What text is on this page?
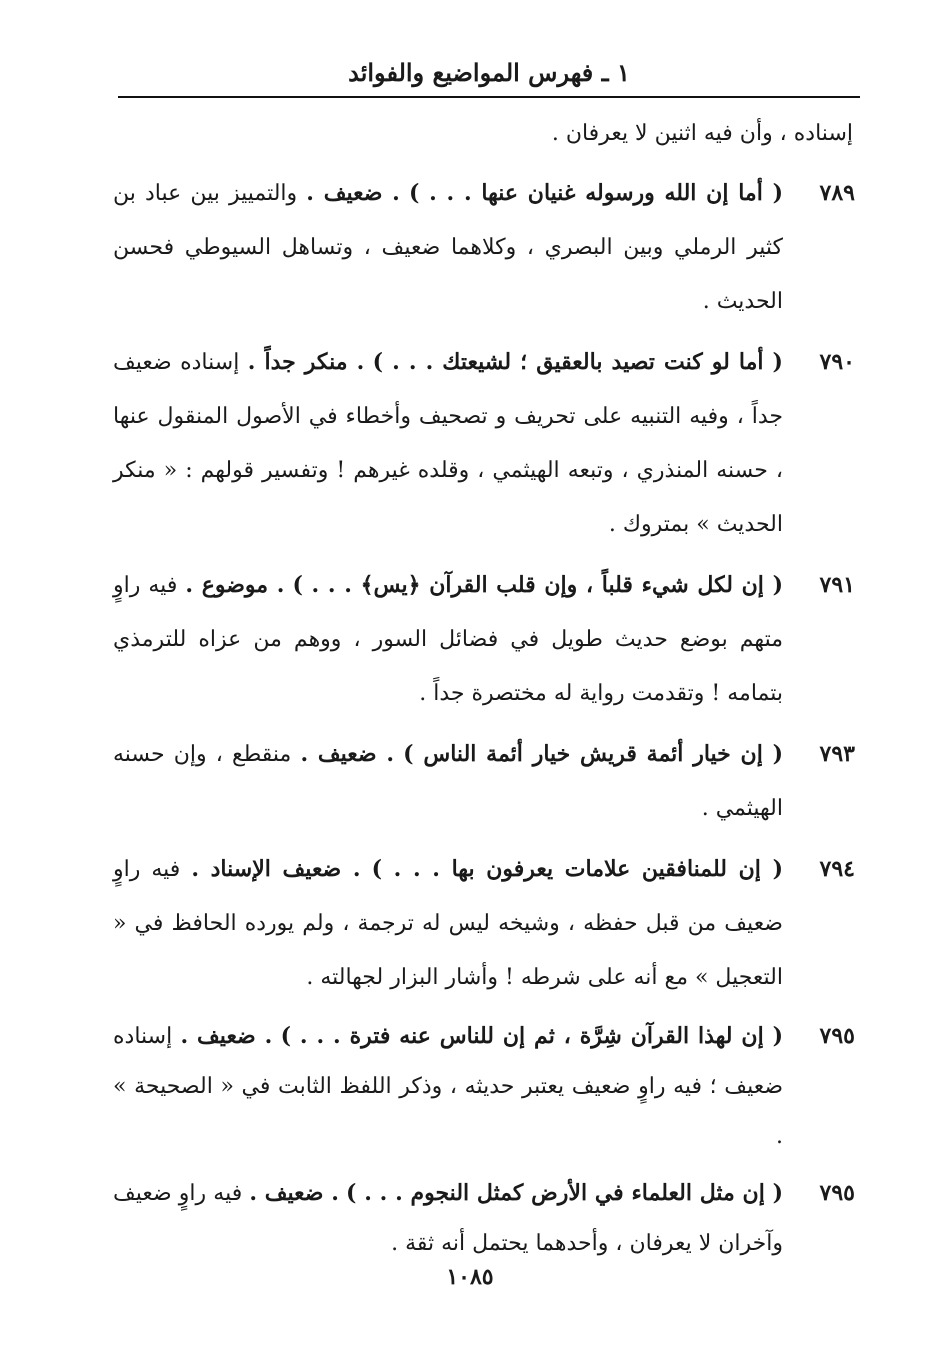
١ ـ فهرس المواضيع والفوائد
إسناده ، وأن فيه اثنين لا يعرفان .
٧٨٩
( أما إن الله ورسوله غنيان عنها . . . ) . ضعيف . والتمييز بين عباد بن كثير الرملي وبين البصري ، وكلاهما ضعيف ، وتساهل السيوطي فحسن الحديث .
٧٩٠
( أما لو كنت تصيد بالعقيق ؛ لشيعتك . . . ) . منكر جداً . إسناده ضعيف جداً ، وفيه التنبيه على تحريف و تصحيف وأخطاء في الأصول المنقول عنها ، حسنه المنذري ، وتبعه الهيثمي ، وقلده غيرهم ! وتفسير قولهم : « منكر الحديث » بمتروك .
٧٩١
( إن لكل شيء قلباً ، وإن قلب القرآن ﴿يس﴾ . . . ) . موضوع . فيه راوٍ متهم بوضع حديث طويل في فضائل السور ، ووهم من عزاه للترمذي بتمامه ! وتقدمت رواية له مختصرة جداً .
٧٩٣
( إن خيار أئمة قريش خيار أئمة الناس ) . ضعيف . منقطع ، وإن حسنه الهيثمي .
٧٩٤
( إن للمنافقين علامات يعرفون بها . . . ) . ضعيف الإسناد . فيه راوٍ ضعيف من قبل حفظه ، وشيخه ليس له ترجمة ، ولم يورده الحافظ في « التعجيل » مع أنه على شرطه ! وأشار البزار لجهالته .
٧٩٥
( إن لهذا القرآن شِرَّة ، ثم إن للناس عنه فترة . . . ) . ضعيف . إسناده ضعيف ؛ فيه راوٍ ضعيف يعتبر حديثه ، وذكر اللفظ الثابت في « الصحيحة » .
٧٩٥
( إن مثل العلماء في الأرض كمثل النجوم . . . ) . ضعيف . فيه راوٍ ضعيف وآخران لا يعرفان ، وأحدهما يحتمل أنه ثقة .
١٠٨٥
